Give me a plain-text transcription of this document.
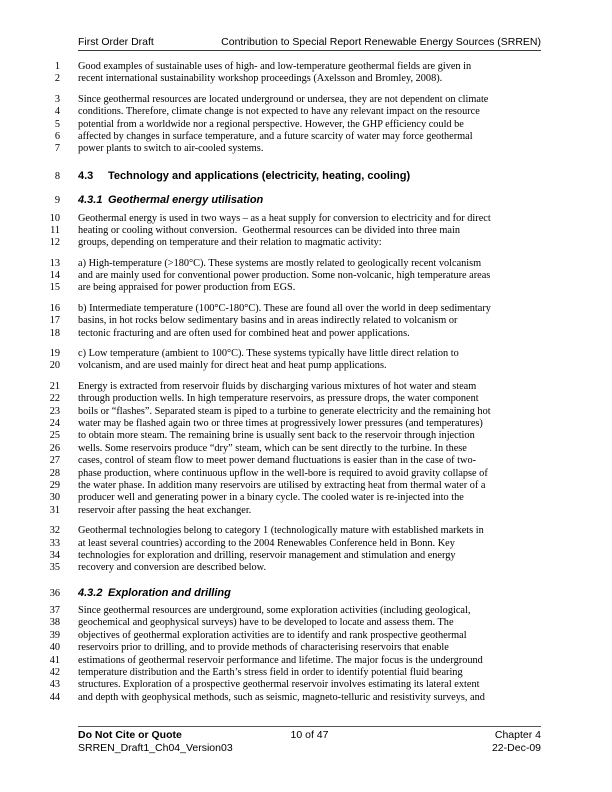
First Order Draft	Contribution to Special Report Renewable Energy Sources (SRREN)
1	Good examples of sustainable uses of high- and low-temperature geothermal fields are given in
2	recent international sustainability workshop proceedings (Axelsson and Bromley, 2008).
3	Since geothermal resources are located underground or undersea, they are not dependent on climate
4	conditions. Therefore, climate change is not expected to have any relevant impact on the resource
5	potential from a worldwide nor a regional perspective. However, the GHP efficiency could be
6	affected by changes in surface temperature, and a future scarcity of water may force geothermal
7	power plants to switch to air-cooled systems.
8	4.3 Technology and applications (electricity, heating, cooling)
9	4.3.1 Geothermal energy utilisation
10	Geothermal energy is used in two ways – as a heat supply for conversion to electricity and for direct
11	heating or cooling without conversion.  Geothermal resources can be divided into three main
12	groups, depending on temperature and their relation to magmatic activity:
13	a) High-temperature (>180°C). These systems are mostly related to geologically recent volcanism
14	and are mainly used for conventional power production. Some non-volcanic, high temperature areas
15	are being appraised for power production from EGS.
16	b) Intermediate temperature (100°C-180°C). These are found all over the world in deep sedimentary
17	basins, in hot rocks below sedimentary basins and in areas indirectly related to volcanism or
18	tectonic fracturing and are often used for combined heat and power applications.
19	c) Low temperature (ambient to 100°C). These systems typically have little direct relation to
20	volcanism, and are used mainly for direct heat and heat pump applications.
21	Energy is extracted from reservoir fluids by discharging various mixtures of hot water and steam
22	through production wells. In high temperature reservoirs, as pressure drops, the water component
23	boils or “flashes”. Separated steam is piped to a turbine to generate electricity and the remaining hot
24	water may be flashed again two or three times at progressively lower pressures (and temperatures)
25	to obtain more steam. The remaining brine is usually sent back to the reservoir through injection
26	wells. Some reservoirs produce “dry” steam, which can be sent directly to the turbine. In these
27	cases, control of steam flow to meet power demand fluctuations is easier than in the case of two-
28	phase production, where continuous upflow in the well-bore is required to avoid gravity collapse of
29	the water phase. In addition many reservoirs are utilised by extracting heat from thermal water of a
30	producer well and generating power in a binary cycle. The cooled water is re-injected into the
31	reservoir after passing the heat exchanger.
32	Geothermal technologies belong to category 1 (technologically mature with established markets in
33	at least several countries) according to the 2004 Renewables Conference held in Bonn. Key
34	technologies for exploration and drilling, reservoir management and stimulation and energy
35	recovery and conversion are described below.
36	4.3.2 Exploration and drilling
37	Since geothermal resources are underground, some exploration activities (including geological,
38	geochemical and geophysical surveys) have to be developed to locate and assess them. The
39	objectives of geothermal exploration activities are to identify and rank prospective geothermal
40	reservoirs prior to drilling, and to provide methods of characterising reservoirs that enable
41	estimations of geothermal reservoir performance and lifetime. The major focus is the underground
42	temperature distribution and the Earth’s stress field in order to identify potential fluid bearing
43	structures. Exploration of a prospective geothermal reservoir involves estimating its lateral extent
44	and depth with geophysical methods, such as seismic, magneto-telluric and resistivity surveys, and
Do Not Cite or Quote	10 of 47	Chapter 4
SRREN_Draft1_Ch04_Version03	22-Dec-09
